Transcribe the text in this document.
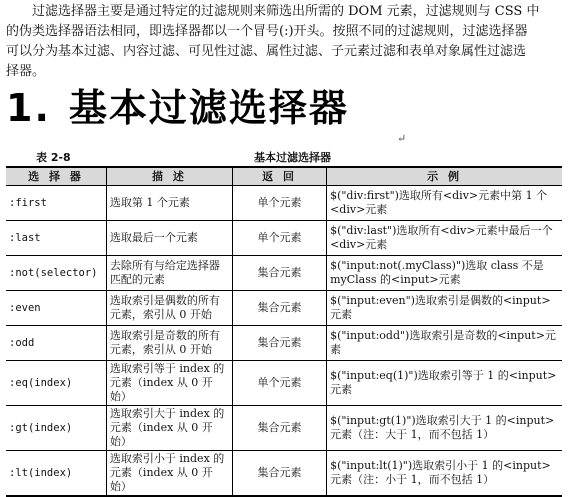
过滤选择器主要是通过特定的过滤规则来筛选出所需的 DOM 元素，过滤规则与 CSS 中
的伪类选择器语法相同，即选择器都以一个冒号(:)开头。按照不同的过滤规则，过滤选择器
可以分为基本过滤、内容过滤、可见性过滤、属性过滤、子元素过滤和表单对象属性过滤选
择器。
1. 基本过滤选择器
↵
表 2-8	基本过滤选择器
选 择 器	描 述	返 回	示 例
:first	选取第 1 个元素	单个元素	$("div:first")选取所有<div>元素中第 1 个<div>元素
:last	选取最后一个元素	单个元素	$("div:last")选取所有<div>元素中最后一个<div>元素
:not(selector)	去除所有与给定选择器匹配的元素	集合元素	$("input:not(.myClass)")选取 class 不是 myClass 的<input>元素
:even	选取索引是偶数的所有元素，索引从 0 开始	集合元素	$("input:even")选取索引是偶数的<input>元素
:odd	选取索引是奇数的所有元素，索引从 0 开始	集合元素	$("input:odd")选取索引是奇数的<input>元素
:eq(index)	选取索引等于 index 的元素（index 从 0 开始）	单个元素	$("input:eq(1)")选取索引等于 1 的<input>元素
:gt(index)	选取索引大于 index 的元素（index 从 0 开始）	集合元素	$("input:gt(1)")选取索引大于 1 的<input>元素（注：大于 1，而不包括 1）
:lt(index)	选取索引小于 index 的元素（index 从 0 开始）	集合元素	$("input:lt(1)")选取索引小于 1 的<input>元素（注：小于 1，而不包括 1）
